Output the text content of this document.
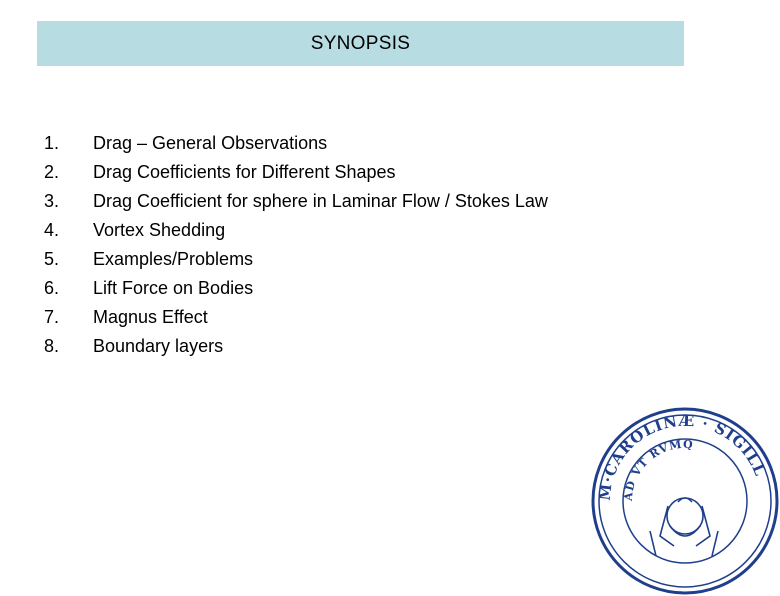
SYNOPSIS
1.	Drag – General Observations
2.	Drag Coefficients for Different Shapes
3.	Drag Coefficient for sphere in Laminar Flow / Stokes Law
4.	Vortex Shedding
5.	Examples/Problems
6.	Lift Force on Bodies
7.	Magnus Effect
8.	Boundary layers
M·CAROLINÆ · SIGILL
AD VT RVMQ
